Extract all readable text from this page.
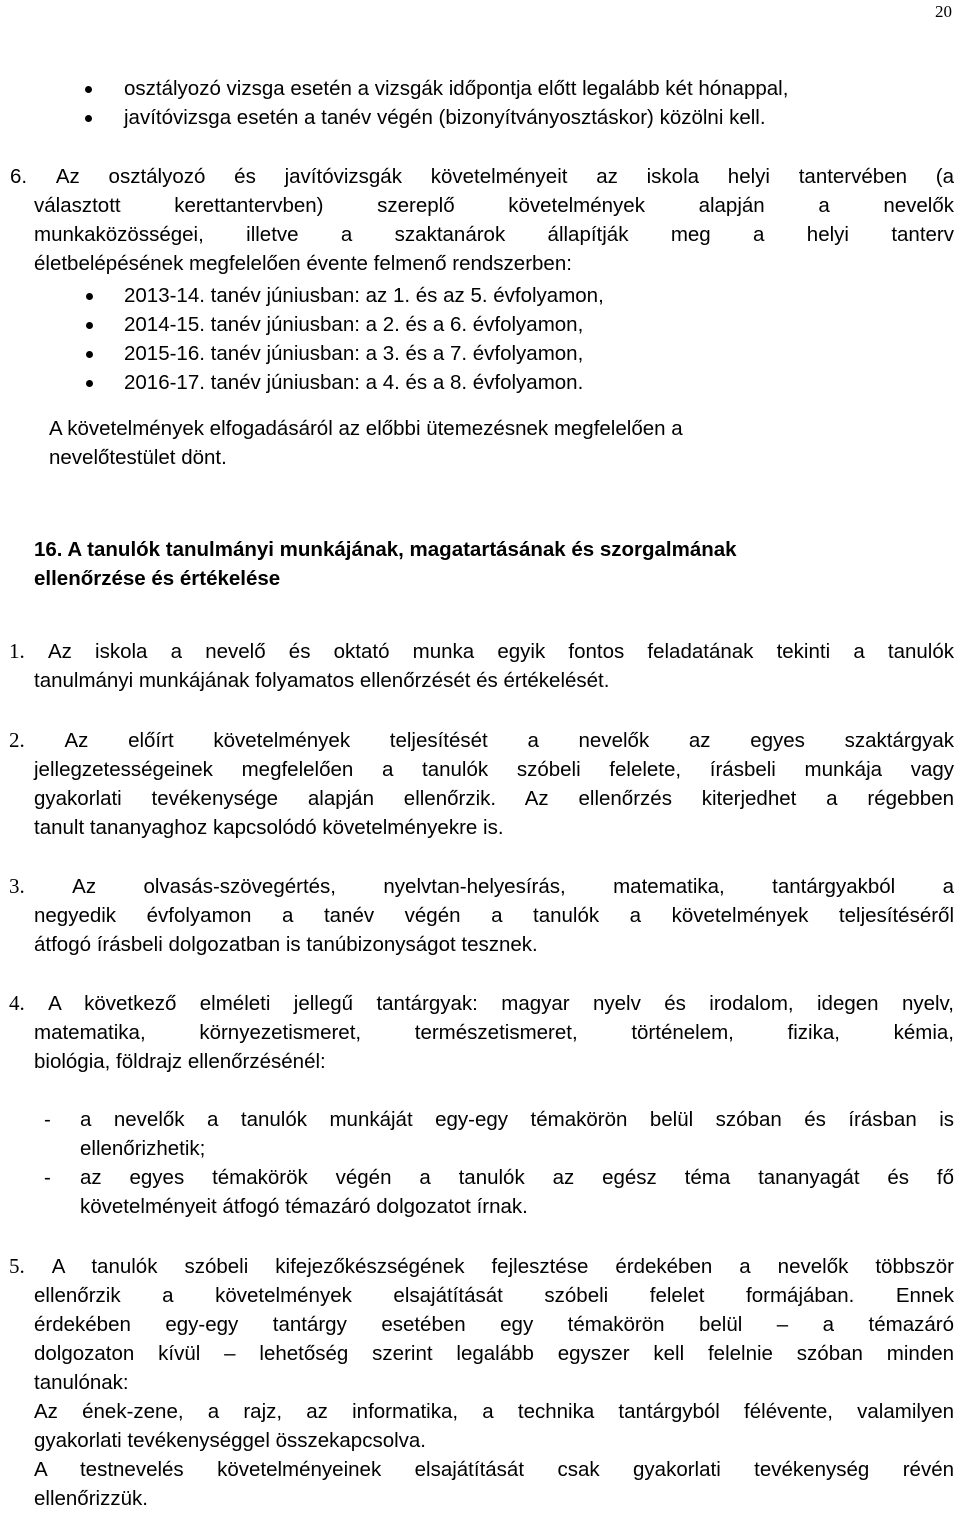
20
osztályozó vizsga esetén a vizsgák időpontja előtt legalább két hónappal,
javítóvizsga esetén a tanév végén (bizonyítványosztáskor) közölni kell.
6. Az osztályozó és javítóvizsgák követelményeit az iskola helyi tantervében (a
választott kerettantervben) szereplő követelmények alapján a nevelők
munkaközösségei, illetve a szaktanárok állapítják meg a helyi tanterv
életbelépésének megfelelően évente felmenő rendszerben:
2013-14. tanév júniusban: az 1. és az 5. évfolyamon,
2014-15. tanév júniusban: a 2. és a 6. évfolyamon,
2015-16. tanév júniusban: a 3. és a 7. évfolyamon,
2016-17. tanév júniusban: a 4. és a 8. évfolyamon.
A követelmények elfogadásáról az előbbi ütemezésnek megfelelően a
nevelőtestület dönt.
16. A tanulók tanulmányi munkájának, magatartásának és szorgalmának
ellenőrzése és értékelése
1. Az iskola a nevelő és oktató munka egyik fontos feladatának tekinti a tanulók
tanulmányi munkájának folyamatos ellenőrzését és értékelését.
2. Az előírt követelmények teljesítését a nevelők az egyes szaktárgyak
jellegzetességeinek megfelelően a tanulók szóbeli felelete, írásbeli munkája vagy
gyakorlati tevékenysége alapján ellenőrzik. Az ellenőrzés kiterjedhet a régebben
tanult tananyaghoz kapcsolódó követelményekre is.
3. Az olvasás-szövegértés, nyelvtan-helyesírás, matematika, tantárgyakból a
negyedik évfolyamon a tanév végén a tanulók a követelmények teljesítéséről
átfogó írásbeli dolgozatban is tanúbizonyságot tesznek.
4. A következő elméleti jellegű tantárgyak: magyar nyelv és irodalom, idegen nyelv,
matematika, környezetismeret, természetismeret, történelem, fizika, kémia,
biológia, földrajz ellenőrzésénél:
- a nevelők a tanulók munkáját egy-egy témakörön belül szóban és írásban is
ellenőrizhetik;
- az egyes témakörök végén a tanulók az egész téma tananyagát és fő
követelményeit átfogó témazáró dolgozatot írnak.
5. A tanulók szóbeli kifejezőkészségének fejlesztése érdekében a nevelők többször
ellenőrzik a követelmények elsajátítását szóbeli felelet formájában. Ennek
érdekében egy-egy tantárgy esetében egy témakörön belül – a témazáró
dolgozaton kívül – lehetőség szerint legalább egyszer kell felelnie szóban minden
tanulónak:
Az ének-zene, a rajz, az informatika, a technika tantárgyból félévente, valamilyen
gyakorlati tevékenységgel összekapcsolva.
A testnevelés követelményeinek elsajátítását csak gyakorlati tevékenység révén
ellenőrizzük.
